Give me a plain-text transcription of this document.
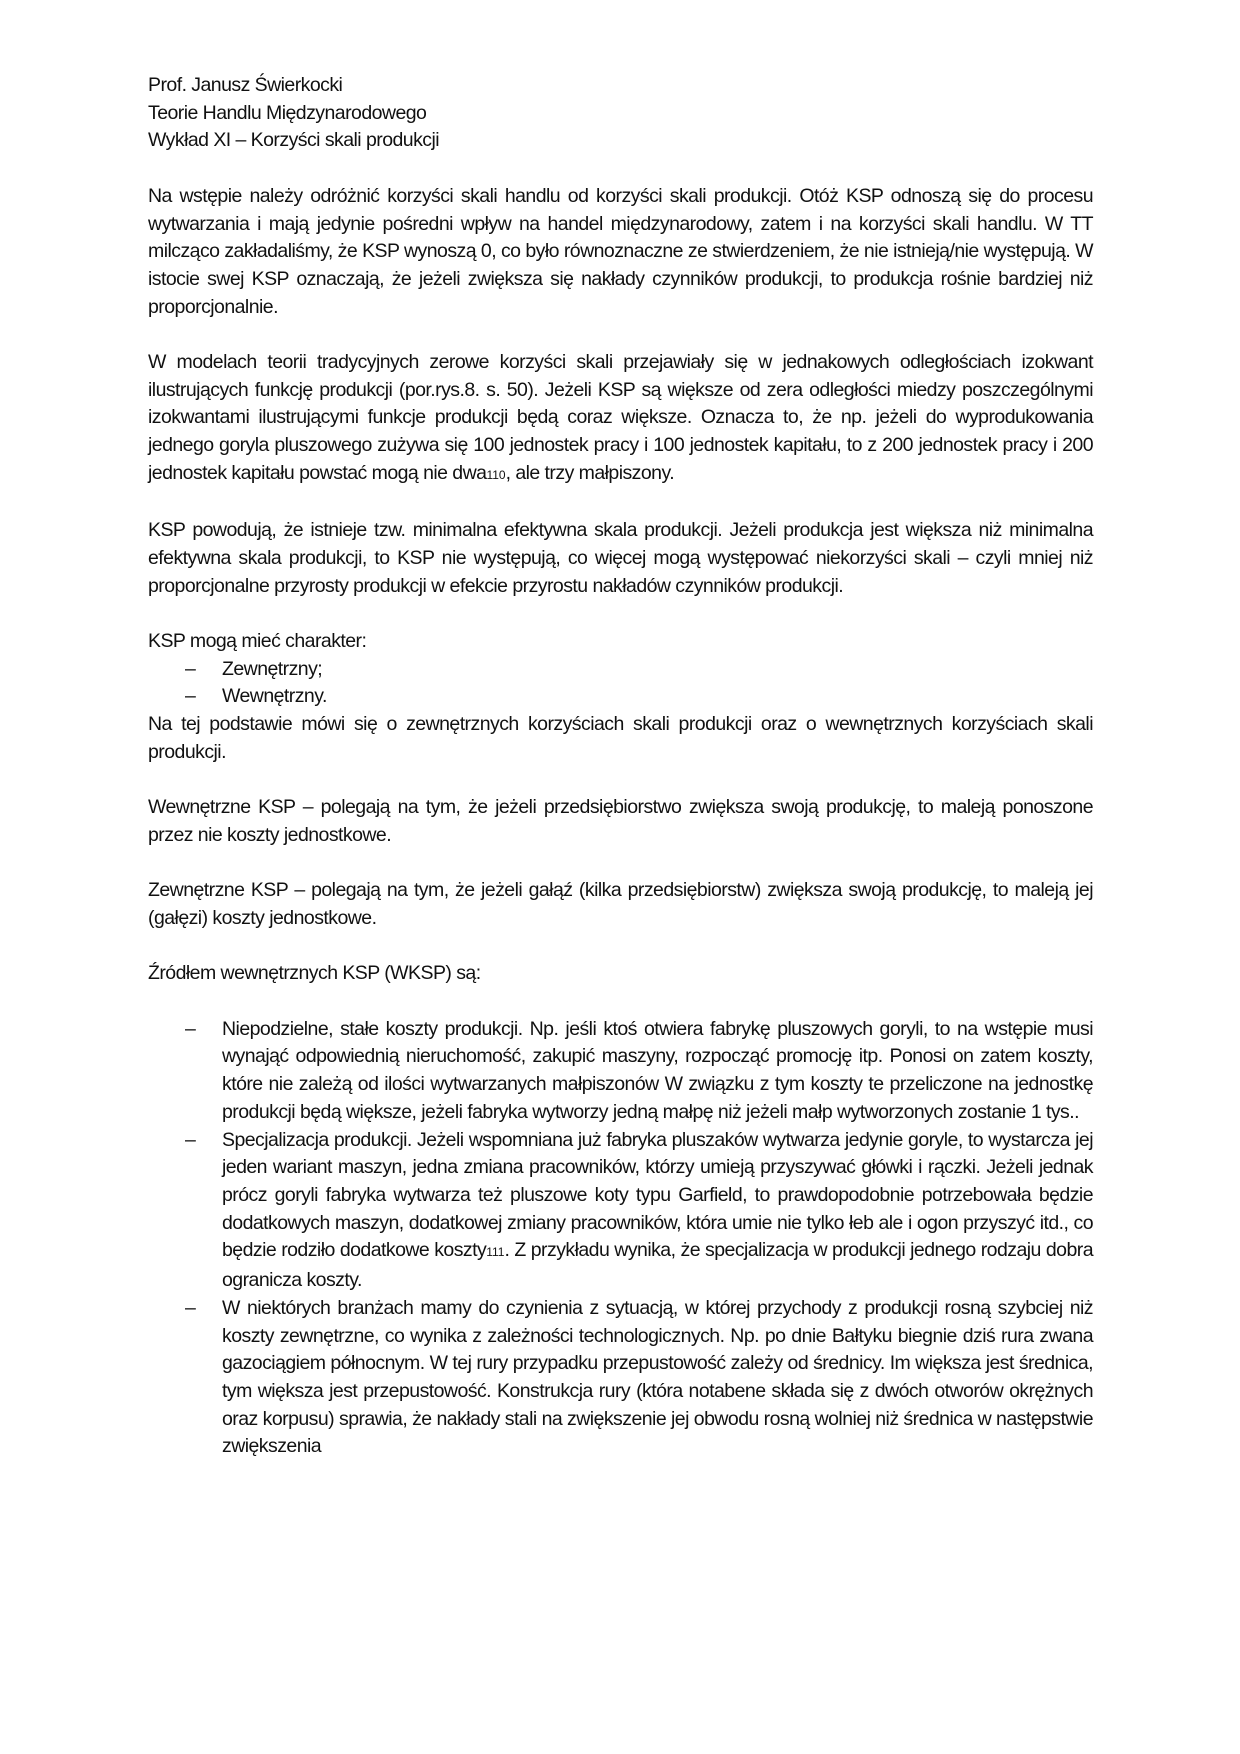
Prof. Janusz Świerkocki

Teorie Handlu Międzynarodowego

Wykład XI – Korzyści skali produkcji

Na wstępie należy odróżnić korzyści skali handlu od korzyści skali produkcji. Otóż KSP odnoszą się do procesu wytwarzania i mają jedynie pośredni wpływ na handel międzynarodowy, zatem i na korzyści skali handlu. W TT milcząco zakładaliśmy, że KSP wynoszą 0, co było równoznaczne ze stwierdzeniem, że nie istnieją/nie występują. W istocie swej KSP oznaczają, że jeżeli zwiększa się nakłady czynników produkcji, to produkcja rośnie bardziej niż proporcjonalnie.

W modelach teorii tradycyjnych zerowe korzyści skali przejawiały się w jednakowych odległościach izokwant ilustrujących funkcję produkcji (por.rys.8. s. 50). Jeżeli KSP są większe od zera odległości miedzy poszczególnymi izokwantami ilustrującymi funkcje produkcji będą coraz większe. Oznacza to, że np. jeżeli do wyprodukowania jednego goryla pluszowego zużywa się 100 jednostek pracy i 100 jednostek kapitału, to z 200 jednostek pracy i 200 jednostek kapitału powstać mogą nie dwa110, ale trzy małpiszony.

KSP powodują, że istnieje tzw. minimalna efektywna skala produkcji. Jeżeli produkcja jest większa niż minimalna efektywna skala produkcji, to KSP nie występują, co więcej mogą występować niekorzyści skali – czyli mniej niż proporcjonalne przyrosty produkcji w efekcie przyrostu nakładów czynników produkcji.

KSP mogą mieć charakter:

–	Zewnętrzny;
–	Wewnętrzny.

Na tej podstawie mówi się o zewnętrznych korzyściach skali produkcji oraz o wewnętrznych korzyściach skali produkcji.

Wewnętrzne KSP – polegają na tym, że jeżeli przedsiębiorstwo zwiększa swoją produkcję, to maleją ponoszone przez nie koszty jednostkowe.

Zewnętrzne KSP – polegają na tym, że jeżeli gałąź (kilka przedsiębiorstw) zwiększa swoją produkcję, to maleją jej (gałęzi) koszty jednostkowe.

Źródłem wewnętrznych KSP (WKSP) są:

–	Niepodzielne, stałe koszty produkcji. Np. jeśli ktoś otwiera fabrykę pluszowych goryli, to na wstępie musi wynająć odpowiednią nieruchomość, zakupić maszyny, rozpocząć promocję itp. Ponosi on zatem koszty, które nie zależą od ilości wytwarzanych małpiszonów W związku z tym koszty te przeliczone na jednostkę produkcji będą większe, jeżeli fabryka wytworzy jedną małpę niż jeżeli małp wytworzonych zostanie 1 tys..
–	Specjalizacja produkcji. Jeżeli wspomniana już fabryka pluszaków wytwarza jedynie goryle, to wystarcza jej jeden wariant maszyn, jedna zmiana pracowników, którzy umieją przyszywać główki i rączki. Jeżeli jednak prócz goryli fabryka wytwarza też pluszowe koty typu Garfield, to prawdopodobnie potrzebowała będzie dodatkowych maszyn, dodatkowej zmiany pracowników, która umie nie tylko łeb ale i ogon przyszyć itd., co będzie rodziło dodatkowe koszty111. Z przykładu wynika, że specjalizacja w produkcji jednego rodzaju dobra ogranicza koszty.
–	W niektórych branżach mamy do czynienia z sytuacją, w której przychody z produkcji rosną szybciej niż koszty zewnętrzne, co wynika z zależności technologicznych. Np. po dnie Bałtyku biegnie dziś rura zwana gazociągiem północnym. W tej rury przypadku przepustowość zależy od średnicy. Im większa jest średnica, tym większa jest przepustowość. Konstrukcja rury (która notabene składa się z dwóch otworów okrężnych oraz korpusu) sprawia, że nakłady stali na zwiększenie jej obwodu rosną wolniej niż średnica w następstwie zwiększenia
